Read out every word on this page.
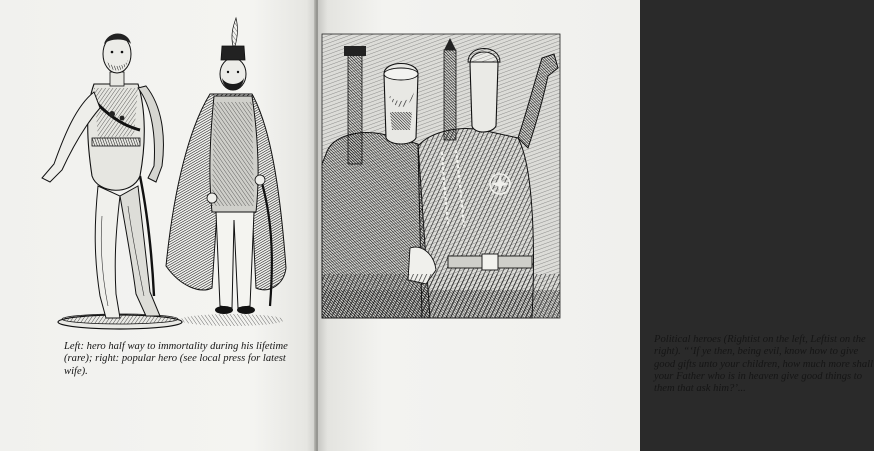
Left: hero half way to immortality during his lifetime (rare); right: popular hero (see local press for latest wife).

Political heroes (Rightist on the left, Leftist on the right). “‘If ye then, being evil, know how to give good gifts unto your children, how much more shall your Father who is in heaven give good things to them that ask him?’...
